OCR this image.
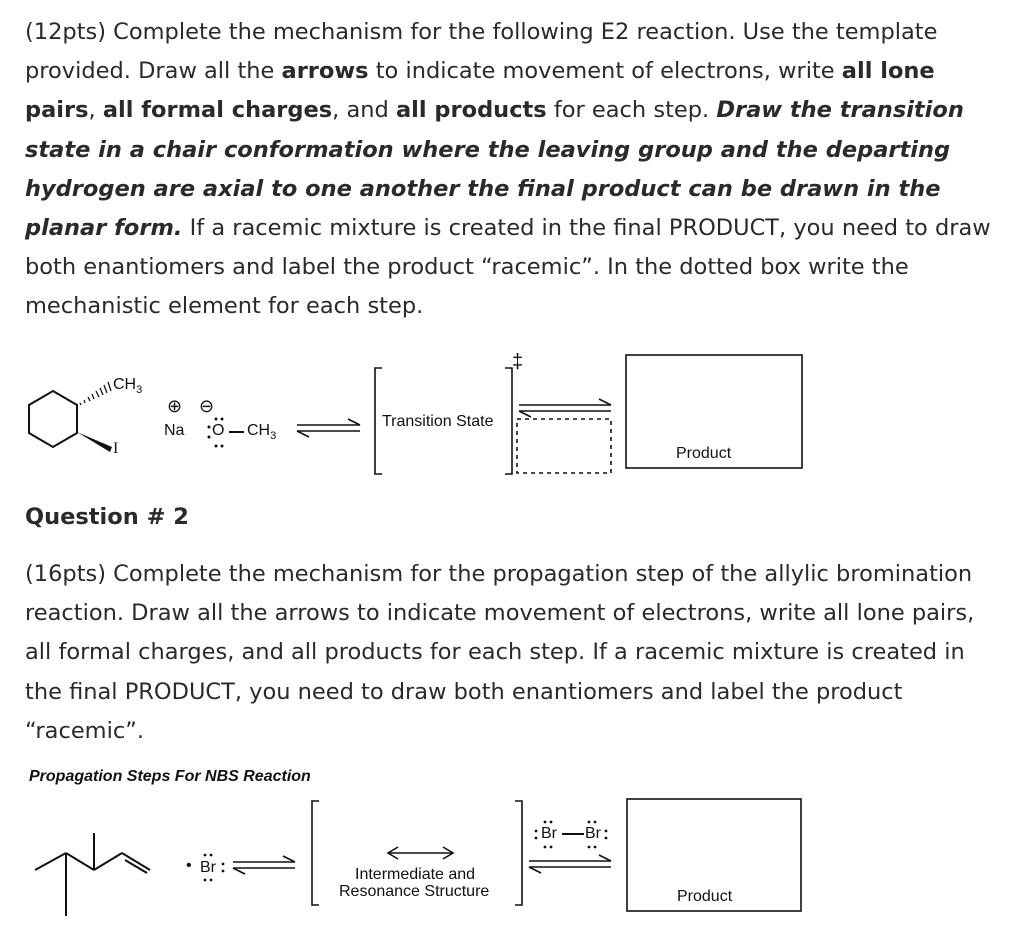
(12pts) Complete the mechanism for the following E2 reaction. Use the template provided. Draw all the arrows to indicate movement of electrons, write all lone pairs, all formal charges, and all products for each step. Draw the transition state in a chair conformation where the leaving group and the departing hydrogen are axial to one another the final product can be drawn in the planar form. If a racemic mixture is created in the final PRODUCT, you need to draw both enantiomers and label the product “racemic”. In the dotted box write the mechanistic element for each step.

$CH_3$
I
⊕ ⊖
Na O $CH_3$
Transition State
‡
Product

Question # 2

(16pts) Complete the mechanism for the propagation step of the allylic bromination reaction. Draw all the arrows to indicate movement of electrons, write all lone pairs, all formal charges, and all products for each step. If a racemic mixture is created in the final PRODUCT, you need to draw both enantiomers and label the product “racemic”.

Propagation Steps For NBS Reaction
• Br	Intermediate and
Resonance Structure
Br Br
Product
